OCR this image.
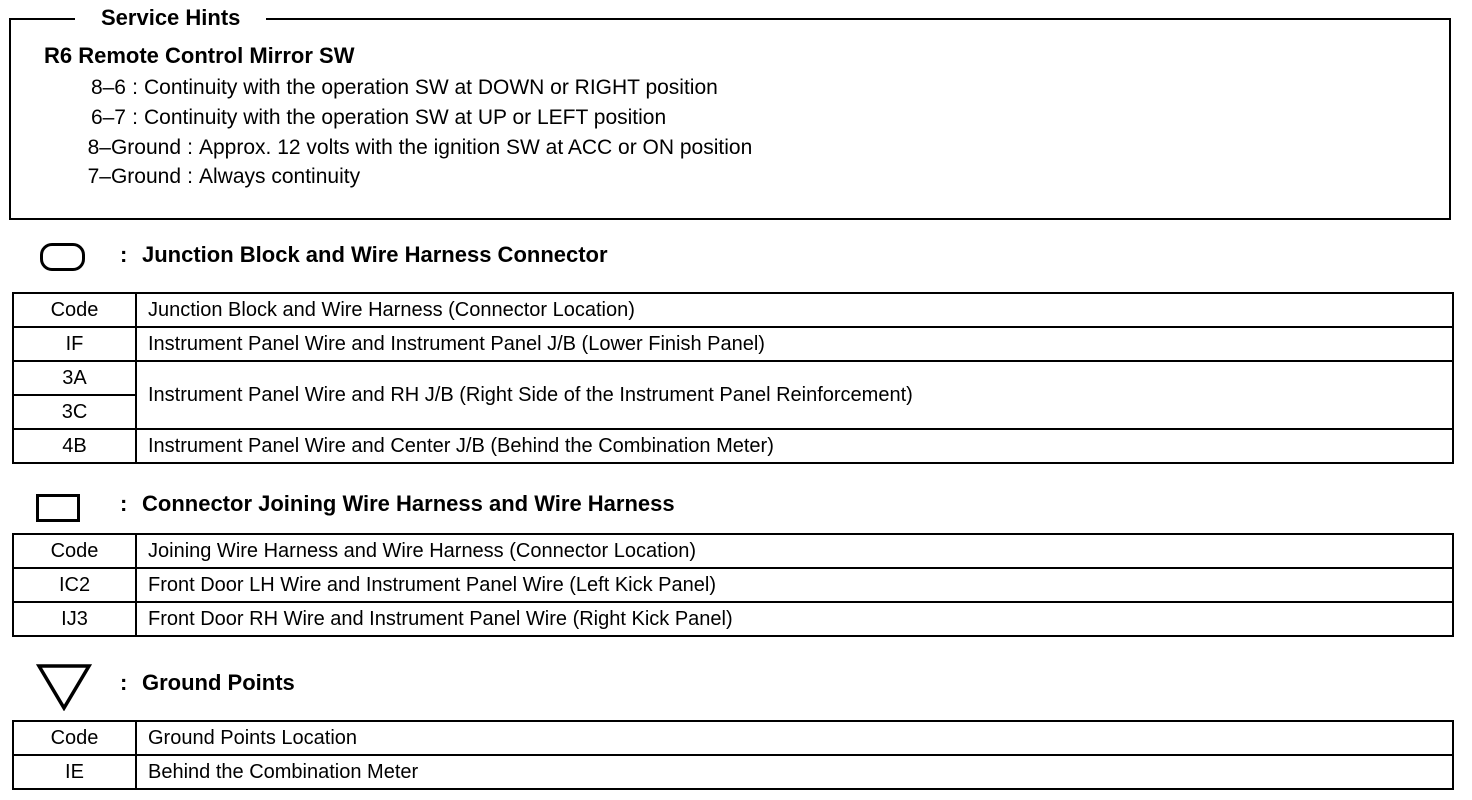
Service Hints
R6 Remote Control Mirror SW
8–6 : Continuity with the operation SW at DOWN or RIGHT position
6–7 : Continuity with the operation SW at UP or LEFT position
8–Ground : Approx. 12 volts with the ignition SW at ACC or ON position
7–Ground : Always continuity
: Junction Block and Wire Harness Connector
Code	Junction Block and Wire Harness (Connector Location)
IF	Instrument Panel Wire and Instrument Panel J/B (Lower Finish Panel)
3A	Instrument Panel Wire and RH J/B (Right Side of the Instrument Panel Reinforcement)
3C	
4B	Instrument Panel Wire and Center J/B (Behind the Combination Meter)
: Connector Joining Wire Harness and Wire Harness
Code	Joining Wire Harness and Wire Harness (Connector Location)
IC2	Front Door LH Wire and Instrument Panel Wire (Left Kick Panel)
IJ3	Front Door RH Wire and Instrument Panel Wire (Right Kick Panel)
: Ground Points
Code	Ground Points Location
IE	Behind the Combination Meter
